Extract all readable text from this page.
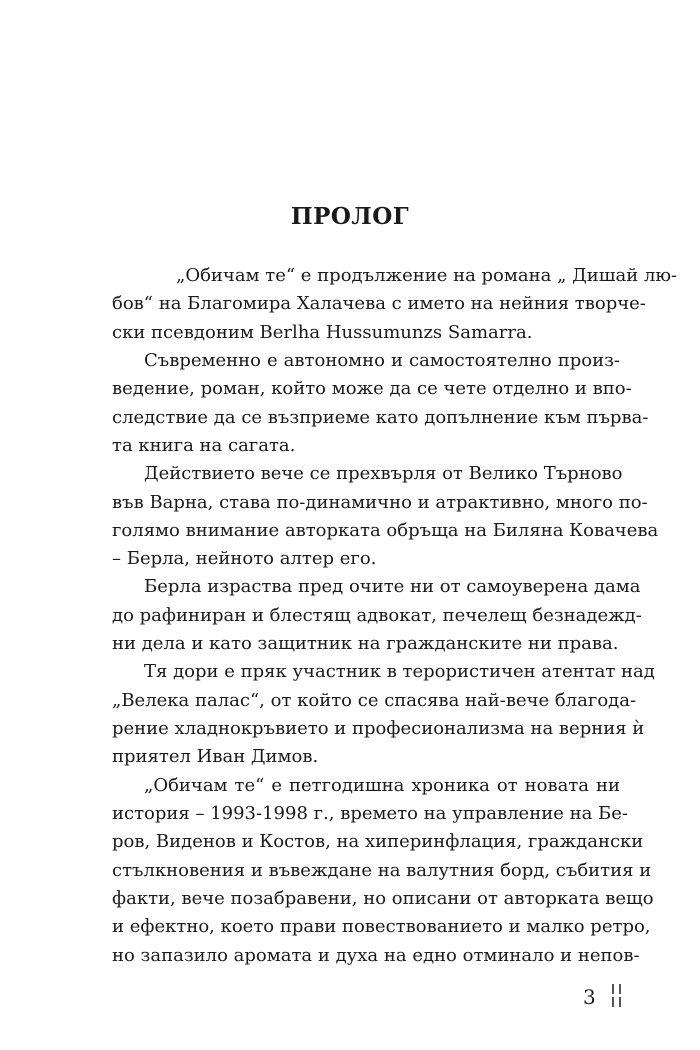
ПРОЛОГ
„Обичам те“ е продължение на романа „ Дишай лю-
бов“ на Благомира Халачева с името на нейния творче-
ски псевдоним Berlha Hussumunzs Samarra.
Съвременно е автономно и самостоятелно произ-
ведение, роман, който може да се чете отделно и впо-
следствие да се възприеме като допълнение към първа-
та книга на сагата.
Действието вече се прехвърля от Велико Търново
във Варна, става по-динамично и атрактивно, много по-
голямо внимание авторката обръща на Биляна Ковачева
– Берла, нейното алтер его.
Берла израства пред очите ни от самоуверена дама
до рафиниран и блестящ адвокат, печелещ безнадежд-
ни дела и като защитник на гражданските ни права.
Тя дори е пряк участник в терористичен атентат над
„Велека палас“, от който се спасява най-вече благода-
рение хладнокръвието и професионализма на верния ѝ
приятел Иван Димов.
„Обичам те“ е петгодишна хроника от новата ни
история – 1993-1998 г., времето на управление на Бе-
ров, Виденов и Костов, на хиперинфлация, граждански
стълкновения и въвеждане на валутния борд, събития и
факти, вече позабравени, но описани от авторката вещо
и ефектно, което прави повествованието и малко ретро,
но запазило аромата и духа на едно отминало и непов-
3
